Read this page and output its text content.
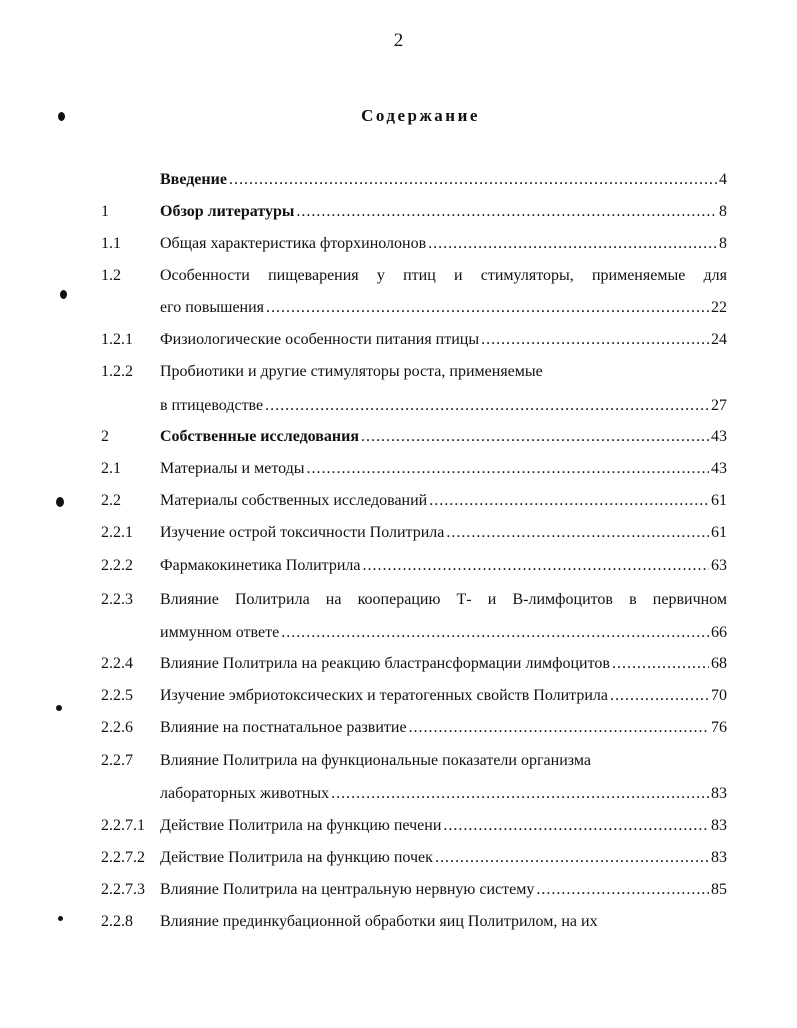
2
Содержание
Введение .....	4
1	Обзор литературы .....	8
1.1 Общая характеристика фторхинолонов .....	8
1.2 Особенности пищеварения у птиц и стимуляторы, применяемые для
его повышения .....	22
1.2.1 Физиологические особенности питания птицы .....	24
1.2.2 Пробиотики и другие стимуляторы роста, применяемые
в птицеводстве .....	27
2	Собственные исследования .....	43
2.1 Материалы и методы .....	43
2.2 Материалы собственных исследований .....	61
2.2.1 Изучение острой токсичности Политрила .....	61
2.2.2 Фармакокинетика Политрила .....	63
2.2.3 Влияние Политрила на кооперацию Т- и В-лимфоцитов в первичном
иммунном ответе .....	66
2.2.4 Влияние Политрила на реакцию бластрансформации лимфоцитов .....	68
2.2.5 Изучение эмбриотоксических и тератогенных свойств Политрила .....	70
2.2.6 Влияние на постнатальное развитие .....	76
2.2.7 Влияние Политрила на функциональные показатели организма
лабораторных животных .....	83
2.2.7.1 Действие Политрила на функцию печени .....	83
2.2.7.2 Действие Политрила на функцию почек .....	83
2.2.7.3 Влияние Политрила на центральную нервную систему .....	85
2.2.8 Влияние прединкубационной обработки яиц Политрилом, на их
